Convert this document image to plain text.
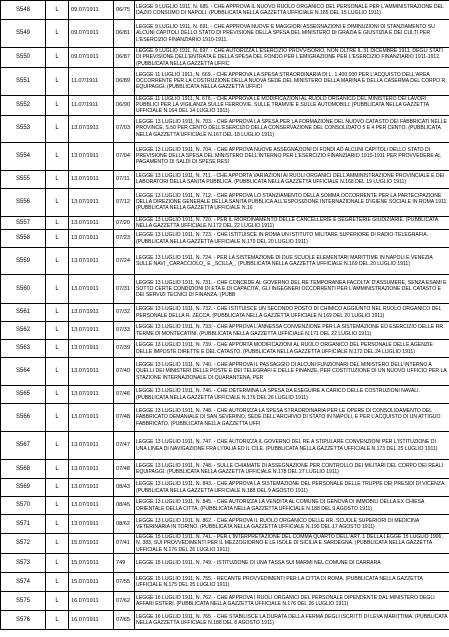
S548	L	09.07/1911	06/75	LEGGE 9 LUGLIO 1911, N. 685. - CHE APPROVA IL NUOVO RUOLO ORGANICO DEL PERSONALE PER L'AMMINISTRAZIONE DEL DAZIO CONSUMO DI NAPOLI. (PUBBLICATA NELLA GAZZETTA UFFICIALE N.165 DEL 15 LUGLIO 1911)
S549	L	09.07/1911	06/81	LEGGE 9 LUGLIO 1911, N. 691. - CHE APPROVA NUOVE E MAGGIORI ASSEGNAZIONI E DIMINUZIONI DI STANZIAMENTO SU ALCUNI CAPITOLI DELLO STATO DI PREVISIONE DELLA SPESA DEL MINISTERO DI GRAZIA E GIUSTIZIA E DEI CULTI PER L'ESERCIZIO FINANZIARIO 1910-1911.
S550	L	09.07/1911	06/87	LEGGE 9 LUGLIO 1911, N. 697. - CHE AUTORIZZA L'ESERCIZIO PROVVISORIO, NON OLTRE IL 31 DICEMBRE 1911, DEGLI STATI DI PREVISIONE DELL'ENTRATA E DELLA SPESA DEL FONDO PER L'EMIGRAZIONE PER L'ESERCIZIO FINANZIARIO 1911-1912. (PUBBLICATA NELLA GAZZETTA UFFIC
S551	L	11.07/1911	06/89	LEGGE 11 LUGLIO 1911, N. 669. - CHE APPROVA LA SPESA STRAORDINARIA DI L. 1.400.000 PER L'ACQUISTO DELL'AREA OCCORRENTE PER LA COSTRUZIONE DELLA NUOVA SEDE DEL MINISTERO DELLA MARINA E DELLA CASERMA DEL CORPO R. EQUIPAGGI. (PUBBLICATA NELLA GAZZETTA UFFICI
S552	L	11.07/1911	06/90	LEGGE 11 LUGLIO 1911, N. 676. - CHE APPROVA LE MODIFICAZIONI AL RUOLO ORGANICO DEL MINISTERO DEI LAVORI PUBBLICI PER LA VIGILANZA SULLE FERROVIE, SULLE TRAMVIE E SULLE AUTOMOBILI. (PUBBLICATA NELLA GAZZETTA UFFICIALE N.164 DEL 14 LUGLIO 1911)
S553	L	13.07/1911	07/03	LEGGE 13 LUGLIO 1911, N. 703. - CHE APPROVA LA SPESA PER LA FORMAZIONE DEL NUOVO CATASTO DEI FABBRICATI NELLE PROVINCE, S.50 PER CENTO DELL'ESERCIZIO DELLA CONSERVAZIONE DEL CONSOLIDATO 5 E 4 PER CENTO. (PUBBLICATA NELLA GAZZETTA UFFICIALE N.167 DEL 18 LUGLIO 1911)
S554	L	13.07/1911	07/04	LEGGE 13 LUGLIO 1911, N. 704. - CHE APPROVA NUOVE ASSEGNAZIONI DI FONDI AD ALCUNI CAPITOLI DELLO STATO DI PREVISIONE DELLA SPESA DEL MINISTERO DELL'INTERNO PER L'ESERCIZIO FINANZIARIO 1910-1911 PER PROVVEDERE AL PAGAMENTO DI SALDI DI SPESE RESI
S555	L	13.07/1911	07/11	LEGGE 13 LUGLIO 1911, N. 711. - CHE APPORTA VARIAZIONI AI RUOLI ORGANICI DELL'AMMINISTRAZIONE PROVINCIALE E DEI LABORATORI DELLA SANITA PUBBLICA. (PUBBLICATA NELLA GAZZETTA UFFICIALE N.168 DEL 19 LUGLIO 1911)
S556	L	13.07/1911	07/12	LEGGE 13 LUGLIO 1911, N. 712. - CHE APPROVA LO STANZIAMENTO DELLA SOMMA OCCORRENTE PER LA PARTECIPAZIONE DELLA DIREZIONE GENERALE DELLA SANITA PUBBLICA ALL'ESPOSIZIONE INTERNAZIONALE D'IGIENE SOCIALE IN ROMA 1911. (PUBBLICATA NELLA GAZZETTA UFFICIALE N.16
S557	L	13.07/1911	07/20	LEGGE 13 LUGLIO 1911, N. 720. - PER IL RIORDINAMENTO DELLE CANCELLERIE E SEGRETERIE GIUDIZIARIE. (PUBBLICATA NELLA GAZZETTA UFFICIALE N.172 DEL 22 LUGLIO 1911)
S558	L	13.07/1911	07/23	LEGGE 13 LUGLIO 1911, N. 723. - CHE ISTITUISCE IN ROMA UN ISTITUTO MILITARE SUPERIORE DI RADIO-TELEGRAFIA. (PUBBLICATA NELLA GAZZETTA UFFICIALE N.170 DEL 20 LUGLIO 1911)
S559	L	13.07/1911	07/24	LEGGE 13 LUGLIO 1911, N. 724. - PER LA SISTEMAZIONE DI DUE SCUOLE ELEMENTARI MARITTIME IN NAPOLI E VENEZIA SULLE NAVI _CARACCIOLO_ E _SCILLA_. (PUBBLICATA NELLA GAZZETTA UFFICIALE N.169 DEL 20 LUGLIO 1911)
S560	L	13.07/1911	07/31	LEGGE 13 LUGLIO 1911, N. 731. - CHE CONCEDE AL GOVERNO DEL RE TEMPORANEA FACOLTA' D'ASSUMERE, SENZA ESAMI E SOTTO CERTE CONDIZIONI DI ETA E DI CAPACITA', GLI INGEGNERI OCCORRENTI PER L'AMMINISTRAZIONE DEL CATASTO E DEI SERVIZI TECNICI DI FINANZA. (PUBB
S561	L	13.07/1911	07/32	LEGGE 13 LUGLIO 1911, N. 732. - CHE ISTITUISCE UN SECONDO POSTO DI CHIMICO AGGIUNTO NEL RUOLO ORGANICO DEL PERSONALE DELLA R. ZECCA. (PUBBLICATA NELLA GAZZETTA UFFICIALE N.169 DEL 20 LUGLIO 1911)
S562	L	13.07/1911	07/33	LEGGE 13 LUGLIO 1911, N. 733. - CHE APPROVA L'ANNESSA CONVENZIONE PER LA SISTEMAZIONE ED ESERCIZIO DELLE RR. TERME DI MONTECATINI. (PUBBLICATA NELLA GAZZETTA UFFICIALE N.171 DEL 22 LUGLIO 1911)
S563	L	13.07/1911	07/39	LEGGE 13 LUGLIO 1911, N. 739. - CHE APPORTA MODIFICAZIONI AL RUOLO ORGANICO DEL PERSONALE DELLE AGENZIE DELLE IMPOSTE DIRETTE E DEL CATASTO. (PUBBLICATA NELLA GAZZETTA UFFICIALE N.172 DEL 24 LUGLIO 1911)
S564	L	13.07/1911	07/40	LEGGE 13 LUGLIO 1911, N. 740. - CHE APPROVA IL PASSAGGIO DI ALCUNI FUNZIONARI DEL MINISTERO DELL'INTERNO A QUELLI DEI MINISTERI DELLE POSTE E DEI TELEGRAFI E DELLE FINANZE, PER COSTITUZIONE DI UN NUOVO UFFICIO PER LA STAZIONE INTERNAZIONALE DI QUARANTENA, PER
S565	L	13.07/1911	07/46	LEGGE 13 LUGLIO 1911, N. 746. - CHE DETERMINA LA SPESA DA ESEGUIRE A CARICO DELLE COSTRUZIONI NAVALI. (PUBBLICATA NELLA GAZZETTA UFFICIALE N.176 DEL 26 LUGLIO 1911)
S566	L	13.07/1911	07/48	LEGGE 13 LUGLIO 1911, N. 748. - CHE AUTORIZZA LA SPESA STRAORDINARIA PER LE OPERE DI CONSOLIDAMENTO DEL FABBRICATO DEMANIALE DI SAN SEVERINO, SEDE DELL'ARCHIVIO DI STATO IN NAPOLI, E PER L'ACQUISTO DI UN ATTIGUO FABBRICATO. (PUBBLICATA NELLA GAZZETTA UFFI
S567	L	13.07/1911	07/47	LEGGE 13 LUGLIO 1911, N. 747. - CHE AUTORIZZA IL GOVERNO DEL RE A STIPULARE CONVENZIONI PER L'ISTITUZIONE DI UNA LINEA DI NAVIGAZIONE FRA L'ITALIA ED IL CILE. (PUBBLICATA NELLA GAZZETTA UFFICIALE N.173 DEL 25 LUGLIO 1911)
S568	L	13.07/1911	07/48	LEGGE 13 LUGLIO 1911, N. 748. - SULLE CHIAMATE DI ASSEGNAZIONE PER CONTROLLO DEI MILITARI DEL CORPO DEI REALI EQUIPAGGI. (PUBBLICATA NELLA GAZZETTA UFFICIALE N.178 DEL 27 LUGLIO 1911)
S569	L	13.07/1911	08/43	LEGGE 13 LUGLIO 1911, N. 843. - CHE APPROVA LA SISTEMAZIONE DEL PERSONALE DELLE TRUPPE DEI PRESIDI DI VICENZA. (PUBBLICATA NELLA GAZZETTA UFFICIALE N.188 DEL 9 AGOSTO 1911)
S570	L	13.07/1911	08/45	LEGGE 13 LUGLIO 1911, N. 845. - CHE AUTORIZZA LA VENDITA AL COMUNE DI GENOVA DI IMMOBILI DELLA EX CHIESA ORIENTALE DELLA CITTA. (PUBBLICATA NELLA GAZZETTA UFFICIALE N.188 DEL 9 AGOSTO 1911)
S571	L	13.07/1911	08/62	LEGGE 13 LUGLIO 1911, N. 862. - CHE APPROVA IL RUOLO ORGANICO DELLE RR. SCUOLE SUPERIORI DI MEDICINA VETERINARIA IN TORINO. (PUBBLICATA NELLA GAZZETTA UFFICIALE N.190 DEL 17 AGOSTO 1911)
S572	L	15.07/1911	07/41	LEGGE 15 LUGLIO 1911, N. 741. - PER L'INTERPRETAZIONE DEL COMMA QUARTO DELL'ART. 1 DELLA LEGGE 15 LUGLIO 1906, N. 383, SUI PROVVEDIMENTI PER IL MEZZOGIORNO E LE ISOLE DI SICILIA E SARDEGNA. (PUBBLICATA NELLA GAZZETTA UFFICIALE N.176 DEL 26 LUGLIO 1911)
S573	L	15.07/1911	749	LEGGE 15 LUGLIO 1911, N. 749. - ISTITUZIONE DI UNA TASSA SUI MARMI NEL COMUNE DI CARRARA
S574	L	15.07/1911	07/55	LEGGE 15 LUGLIO 1911, N. 755. - RECANTE PROVVEDIMENTI PER LA CITTA DI ROMA. (PUBBLICATA NELLA GAZZETTA UFFICIALE N.175 DEL 25 LUGLIO 1911)
S575	L	16.07/1911	07/62	LEGGE 16 LUGLIO 1911, N. 762. - CHE APPROVA I RUOLI ORGANICI DEL PERSONALE DIPENDENTE DAL MINISTERO DEGLI AFFARI ESTERI. (PUBBLICATA NELLA GAZZETTA UFFICIALE N.176 DEL 26 LUGLIO 1911)
S576	L	16.07/1911	07/65	LEGGE 16 LUGLIO 1911, N. 765. - CHE STABILISCE LA DURATA DELLA FERMA DEGLI ISCRITTI DI LEVA MARITTIMA. (PUBBLICATA NELLA GAZZETTA UFFICIALE N.188 DEL 8 AGOSTO 1911)
